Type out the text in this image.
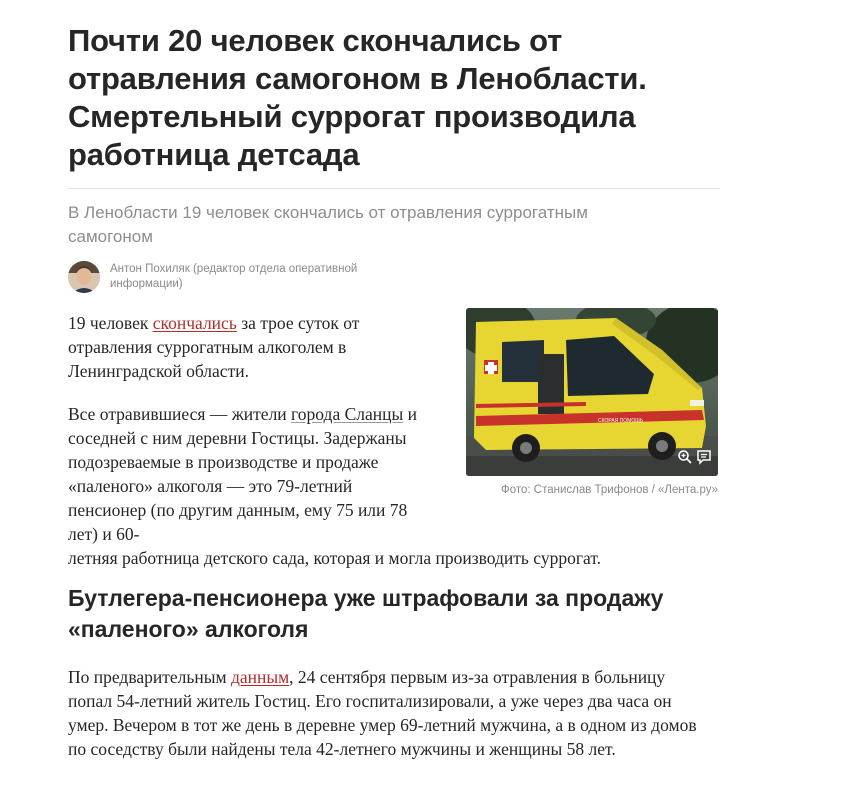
Почти 20 человек скончались от отравления самогоном в Ленобласти. Смертельный суррогат производила работница детсада
В Ленобласти 19 человек скончались от отравления суррогатным самогоном
Антон Похиляк (редактор отдела оперативной информации)

19 человек скончались за трое суток от отравления суррогатным алкоголем в Ленинградской области.

Все отравившиеся — жители города Сланцы и соседней с ним деревни Гостицы. Задержаны подозреваемые в производстве и продаже «паленого» алкоголя — это 79-летний пенсионер (по другим данным, ему 75 или 78 лет) и 60-
летняя работница детского сада, которая и могла производить суррогат.

СКОРАЯ ПОМОЩЬ
Фото: Станислав Трифонов / «Лента.ру»
Бутлегера-пенсионера уже штрафовали за продажу «паленого» алкоголя

По предварительным данным, 24 сентября первым из-за отравления в больницу попал 54-летний житель Гостиц. Его госпитализировали, а уже через два часа он умер. Вечером в тот же день в деревне умер 69-летний мужчина, а в одном из домов по соседству были найдены тела 42-летнего мужчины и женщины 58 лет.
